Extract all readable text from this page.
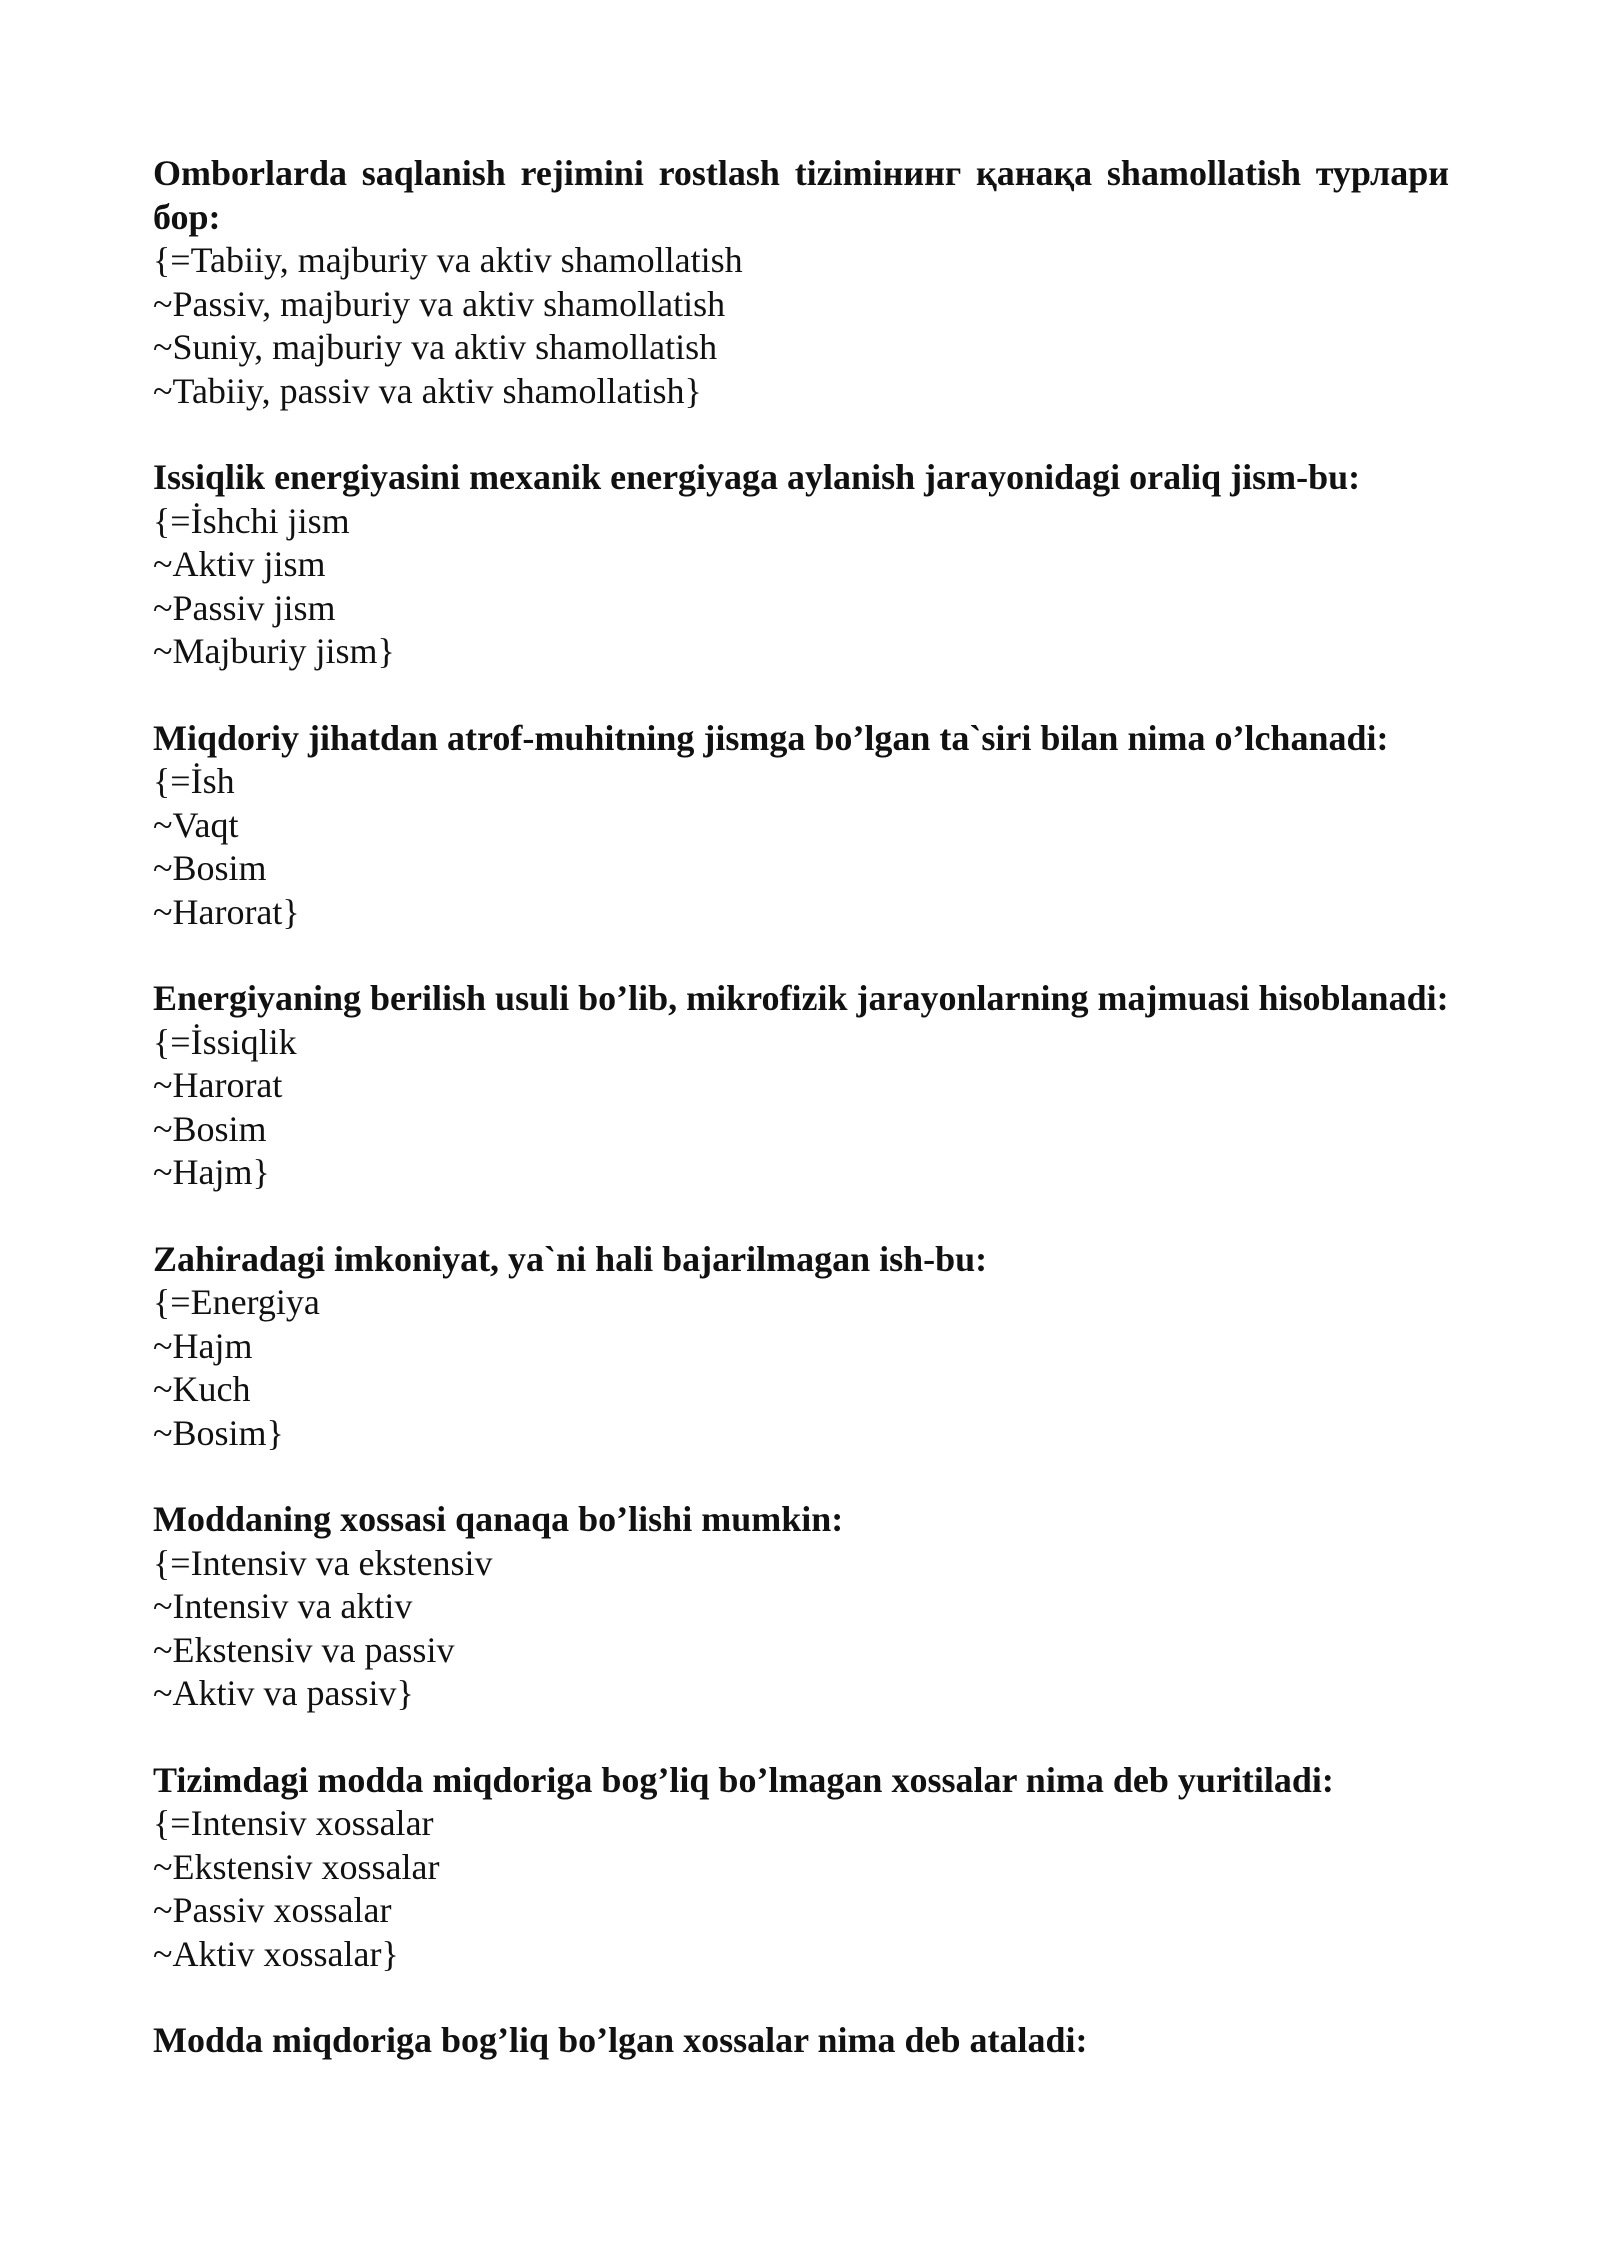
Omborlarda saqlanish rejimini rostlash tizimiнинг қанақа shamollatish турлари бор:

{=Tabiiy, majburiy va aktiv shamollatish

~Passiv, majburiy va aktiv shamollatish

~Suniy, majburiy va aktiv shamollatish

~Tabiiy, passiv va aktiv shamollatish}

Issiqlik energiyasini mexanik energiyaga aylanish jarayonidagi oraliq jism-bu:

{=İshchi jism

~Aktiv jism

~Passiv jism

~Majburiy jism}

Miqdoriy jihatdan atrof-muhitning jismga bo’lgan ta`siri bilan nima o’lchanadi:

{=İsh

~Vaqt

~Bosim

~Harorat}

Energiyaning berilish usuli bo’lib, mikrofizik jarayonlarning majmuasi hisoblanadi:

{=İssiqlik

~Harorat

~Bosim

~Hajm}

Zahiradagi imkoniyat, ya`ni hali bajarilmagan ish-bu:

{=Energiya

~Hajm

~Kuch

~Bosim}

Moddaning xossasi qanaqa bo’lishi mumkin:

{=Intensiv va ekstensiv

~Intensiv va aktiv

~Ekstensiv va passiv

~Aktiv va passiv}

Tizimdagi modda miqdoriga bog’liq bo’lmagan xossalar nima deb yuritiladi:

{=Intensiv xossalar

~Ekstensiv xossalar

~Passiv xossalar

~Aktiv xossalar}

Modda miqdoriga bog’liq bo’lgan xossalar nima deb ataladi:
